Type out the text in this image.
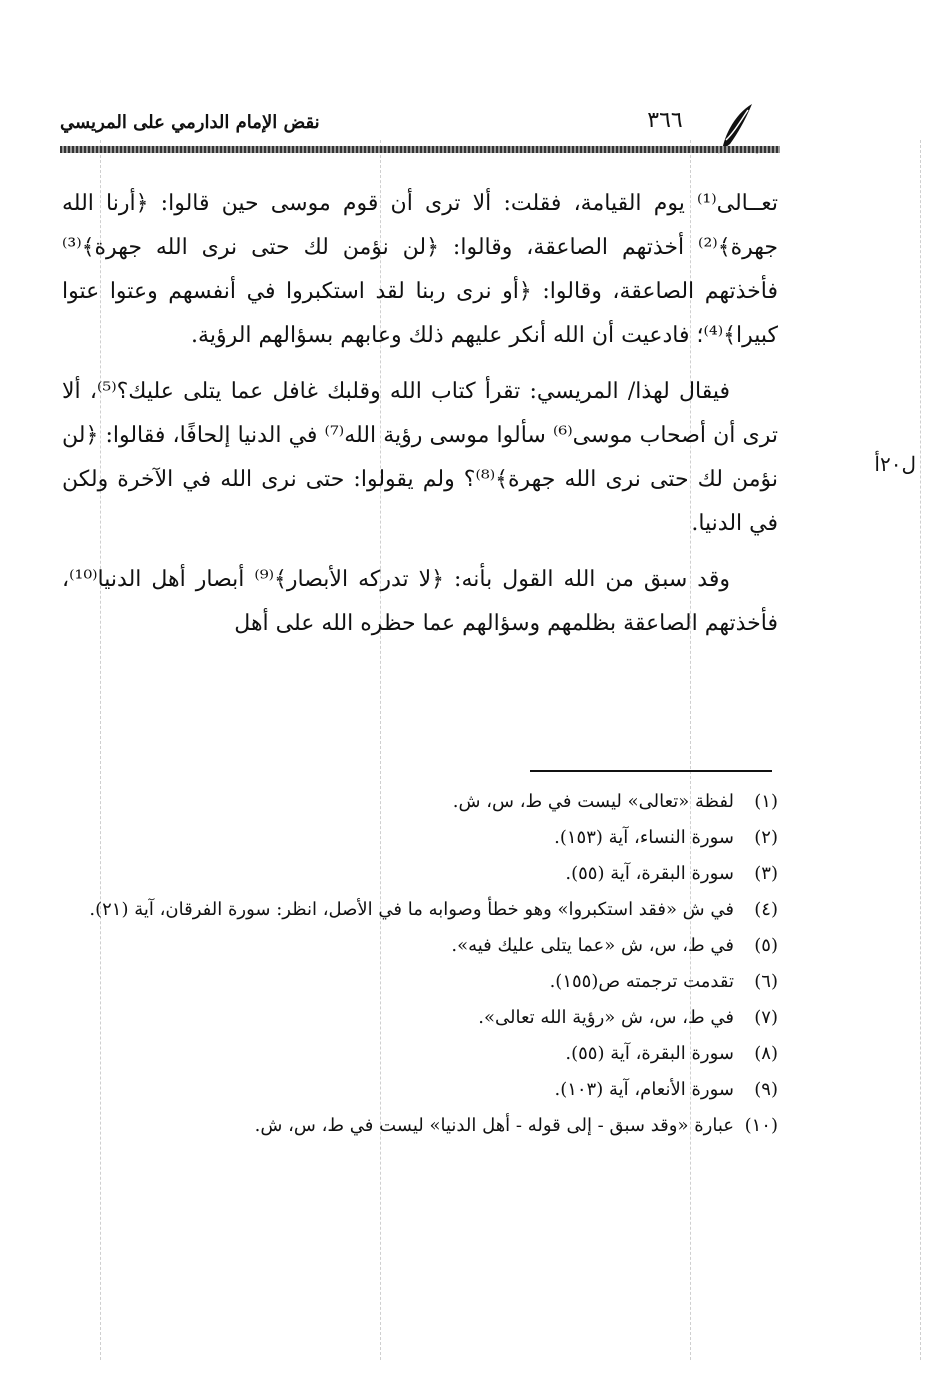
نقض الإمام الدارمي على المريسي	٣٦٦
ل٢٠أ

تعــالى⁽¹⁾ يوم القيامة، فقلت: ألا ترى أن قوم موسى حين قالوا: ﴿أرنا الله جهرة﴾⁽²⁾ أخذتهم الصاعقة، وقالوا: ﴿لن نؤمن لك حتى نرى الله جهرة﴾⁽³⁾ فأخذتهم الصاعقة، وقالوا: ﴿أو نرى ربنا لقد استكبروا في أنفسهم وعتوا عتوا كبيرا﴾⁽⁴⁾؛ فادعيت أن الله أنكر عليهم ذلك وعابهم بسؤالهم الرؤية.

فيقال لهذا/ المريسي: تقرأ كتاب الله وقلبك غافل عما يتلى عليك؟⁽⁵⁾، ألا ترى أن أصحاب موسى⁽⁶⁾ سألوا موسى رؤية الله⁽⁷⁾ في الدنيا إلحافًا، فقالوا: ﴿لن نؤمن لك حتى نرى الله جهرة﴾⁽⁸⁾؟ ولم يقولوا: حتى نرى الله في الآخرة ولكن في الدنيا.

وقد سبق من الله القول بأنه: ﴿لا تدركه الأبصار﴾⁽⁹⁾ أبصار أهل الدنيا⁽¹⁰⁾، فأخذتهم الصاعقة بظلمهم وسؤالهم عما حظره الله على أهل

(١)لفظة «تعالى» ليست في ط، س، ش.
(٢)سورة النساء، آية (١٥٣).
(٣)سورة البقرة، آية (٥٥).
(٤)في ش «فقد استكبروا» وهو خطأ وصوابه ما في الأصل، انظر: سورة الفرقان، آية (٢١).
(٥)في ط، س، ش «عما يتلى عليك فيه».
(٦)تقدمت ترجمته ص(١٥٥).
(٧)في ط، س، ش «رؤية الله تعالى».
(٨)سورة البقرة، آية (٥٥).
(٩)سورة الأنعام، آية (١٠٣).
(١٠)عبارة «وقد سبق - إلى قوله - أهل الدنيا» ليست في ط، س، ش.
